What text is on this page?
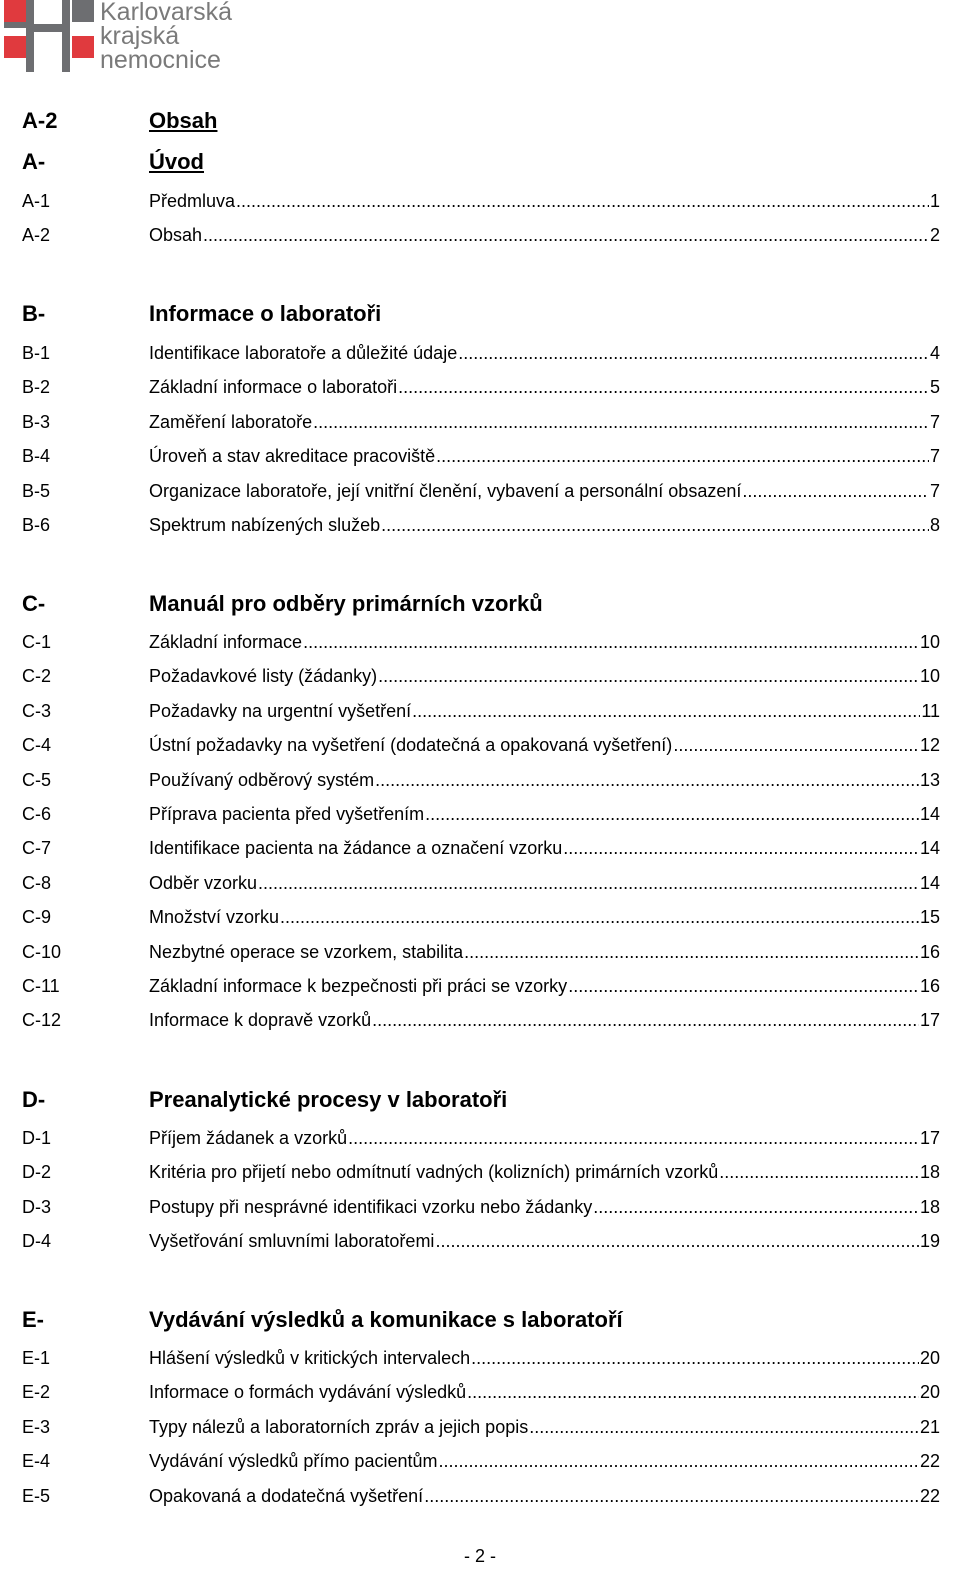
Karlovarská
krajská
nemocnice
A-2	Obsah
A-	Úvod
A-1	Předmluva .....	1
A-2	Obsah .....	2
B-	Informace o laboratoři
B-1	Identifikace laboratoře a důležité údaje .....	4
B-2	Základní informace o laboratoři .....	5
B-3	Zaměření laboratoře .....	7
B-4	Úroveň a stav akreditace pracoviště .....	7
B-5	Organizace laboratoře, její vnitřní členění, vybavení a personální obsazení .....	7
B-6	Spektrum nabízených služeb .....	8
C-	Manuál pro odběry primárních vzorků
C-1	Základní informace .....	10
C-2	Požadavkové listy (žádanky) .....	10
C-3	Požadavky na urgentní vyšetření .....	11
C-4	Ústní požadavky na vyšetření (dodatečná a opakovaná vyšetření) .....	12
C-5	Používaný odběrový systém .....	13
C-6	Příprava pacienta před vyšetřením .....	14
C-7	Identifikace pacienta na žádance a označení vzorku .....	14
C-8	Odběr vzorku .....	14
C-9	Množství vzorku .....	15
C-10	Nezbytné operace se vzorkem, stabilita .....	16
C-11	Základní informace k bezpečnosti při práci se vzorky .....	16
C-12	Informace k dopravě vzorků .....	17
D-	Preanalytické procesy v laboratoři
D-1	Příjem žádanek a vzorků .....	17
D-2	Kritéria pro přijetí nebo odmítnutí vadných (kolizních) primárních vzorků .....	18
D-3	Postupy při nesprávné identifikaci vzorku nebo žádanky .....	18
D-4	Vyšetřování smluvními laboratořemi .....	19
E-	Vydávání výsledků a komunikace s laboratoří
E-1	Hlášení výsledků v kritických intervalech .....	20
E-2	Informace o formách vydávání výsledků .....	20
E-3	Typy nálezů a laboratorních zpráv a jejich popis .....	21
E-4	Vydávání výsledků přímo pacientům .....	22
E-5	Opakovaná a dodatečná vyšetření .....	22
- 2 -
